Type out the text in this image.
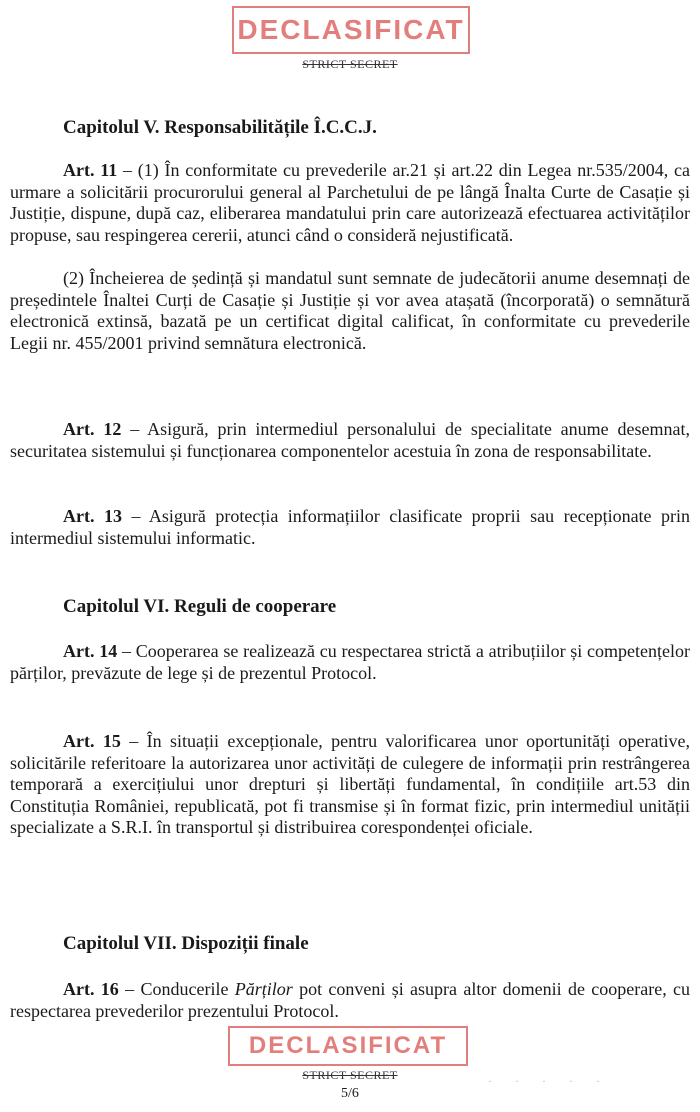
DECLASIFICAT
STRICT SECRET
Capitolul V. Responsabilitățile Î.C.C.J.

Art. 11 – (1) În conformitate cu prevederile ar.21 și art.22 din Legea nr.535/2004, ca urmare a solicitării procurorului general al Parchetului de pe lângă Înalta Curte de Casație și Justiție, dispune, după caz, eliberarea mandatului prin care autorizează efectuarea activităților propuse, sau respingerea cererii, atunci când o consideră nejustificată.

(2) Încheierea de ședință și mandatul sunt semnate de judecătorii anume desemnați de președintele Înaltei Curți de Casație și Justiție și vor avea atașată (încorporată) o semnătură electronică extinsă, bazată pe un certificat digital calificat, în conformitate cu prevederile Legii nr. 455/2001 privind semnătura electronică.

Art. 12 – Asigură, prin intermediul personalului de specialitate anume desemnat, securitatea sistemului și funcționarea componentelor acestuia în zona de responsabilitate.

Art. 13 – Asigură protecția informațiilor clasificate proprii sau recepționate prin intermediul sistemului informatic.

Capitolul VI. Reguli de cooperare

Art. 14 – Cooperarea se realizează cu respectarea strictă a atribuțiilor și competențelor părților, prevăzute de lege și de prezentul Protocol.

Art. 15 – În situații excepționale, pentru valorificarea unor oportunități operative, solicitările referitoare la autorizarea unor activități de culegere de informații prin restrângerea temporară a exercițiului unor drepturi și libertăți fundamental, în condițiile art.53 din Constituția României, republicată, pot fi transmise și în format fizic, prin intermediul unității specializate a S.R.I. în transportul și distribuirea corespondenței oficiale.

Capitolul VII. Dispoziții finale

Art. 16 – Conducerile Părților pot conveni și asupra altor domenii de cooperare, cu respectarea prevederilor prezentului Protocol.

DECLASIFICAT
STRICT SECRET	· · · · ·
5/6
